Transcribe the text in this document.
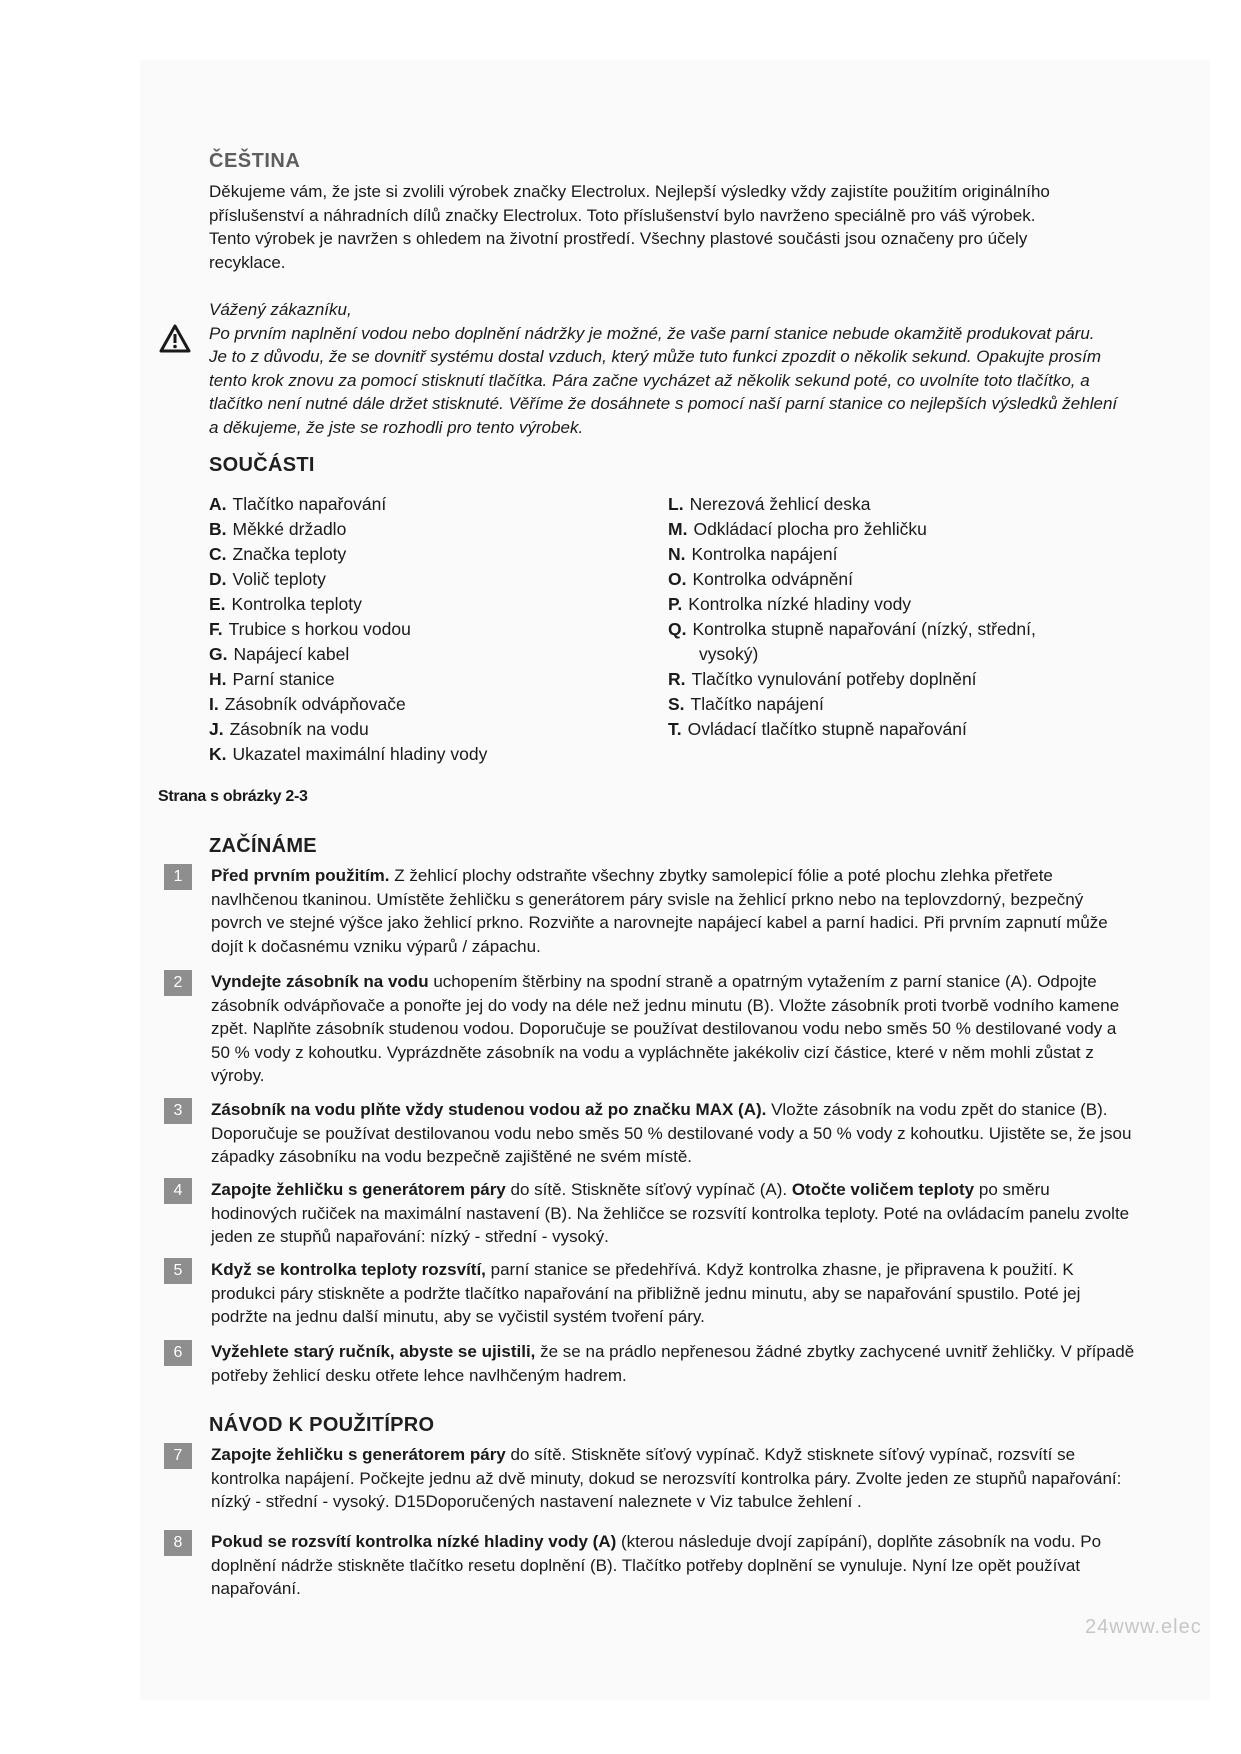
ČEŠTINA

Děkujeme vám, že jste si zvolili výrobek značky Electrolux. Nejlepší výsledky vždy zajistíte použitím originálního

příslušenství a náhradních dílů značky Electrolux. Toto příslušenství bylo navrženo speciálně pro váš výrobek.

Tento výrobek je navržen s ohledem na životní prostředí. Všechny plastové součásti jsou označeny pro účely

recyklace.

Vážený zákazníku,

Po prvním naplnění vodou nebo doplnění nádržky je možné, že vaše parní stanice nebude okamžitě produkovat páru.

Je to z důvodu, že se dovnitř systému dostal vzduch, který může tuto funkci zpozdit o několik sekund. Opakujte prosím

tento krok znovu za pomocí stisknutí tlačítka. Pára začne vycházet až několik sekund poté, co uvolníte toto tlačítko, a

tlačítko není nutné dále držet stisknuté. Věříme že dosáhnete s pomocí naší parní stanice co nejlepších výsledků žehlení

a děkujeme, že jste se rozhodli pro tento výrobek.

SOUČÁSTI
A. Tlačítko napařování
B. Měkké držadlo
C. Značka teploty
D. Volič teploty
E. Kontrolka teploty
F. Trubice s horkou vodou
G. Napájecí kabel
H. Parní stanice
I. Zásobník odvápňovače
J. Zásobník na vodu
K. Ukazatel maximální hladiny vody
L. Nerezová žehlicí deska
M. Odkládací plocha pro žehličku
N. Kontrolka napájení
O. Kontrolka odvápnění
P. Kontrolka nízké hladiny vody
Q. Kontrolka stupně napařování (nízký, střední,
vysoký)
R. Tlačítko vynulování potřeby doplnění
S. Tlačítko napájení
T. Ovládací tlačítko stupně napařování
Strana s obrázky 2-3
ZAČÍNÁME
1	Před prvním použitím. Z žehlicí plochy odstraňte všechny zbytky samolepicí fólie a poté plochu zlehka přetřete navlhčenou tkaninou. Umístěte žehličku s generátorem páry svisle na žehlicí prkno nebo na teplovzdorný, bezpečný povrch ve stejné výšce jako žehlicí prkno. Rozviňte a narovnejte napájecí kabel a parní hadici. Při prvním zapnutí může dojít k dočasnému vzniku výparů / zápachu.

2	Vyndejte zásobník na vodu uchopením štěrbiny na spodní straně a opatrným vytažením z parní stanice (A). Odpojte zásobník odvápňovače a ponořte jej do vody na déle než jednu minutu (B). Vložte zásobník proti tvorbě vodního kamene zpět. Naplňte zásobník studenou vodou. Doporučuje se používat destilovanou vodu nebo směs 50 % destilované vody a 50 % vody z kohoutku. Vyprázdněte zásobník na vodu a vypláchněte jakékoliv cizí částice, které v něm mohli zůstat z výroby.

3	Zásobník na vodu plňte vždy studenou vodou až po značku MAX (A). Vložte zásobník na vodu zpět do stanice (B). Doporučuje se používat destilovanou vodu nebo směs 50 % destilované vody a 50 % vody z kohoutku. Ujistěte se, že jsou západky zásobníku na vodu bezpečně zajištěné ne svém místě.

4	Zapojte žehličku s generátorem páry do sítě. Stiskněte síťový vypínač (A). Otočte voličem teploty po směru hodinových ručiček na maximální nastavení (B). Na žehličce se rozsvítí kontrolka teploty. Poté na ovládacím panelu zvolte jeden ze stupňů napařování: nízký - střední - vysoký.

5	Když se kontrolka teploty rozsvítí, parní stanice se předehřívá. Když kontrolka zhasne, je připravena k použití. K produkci páry stiskněte a podržte tlačítko napařování na přibližně jednu minutu, aby se napařování spustilo. Poté jej podržte na jednu další minutu, aby se vyčistil systém tvoření páry.

6	Vyžehlete starý ručník, abyste se ujistili, že se na prádlo nepřenesou žádné zbytky zachycené uvnitř žehličky. V případě potřeby žehlicí desku otřete lehce navlhčeným hadrem.

NÁVOD K POUŽITÍPRO
7	Zapojte žehličku s generátorem páry do sítě. Stiskněte síťový vypínač. Když stisknete síťový vypínač, rozsvítí se kontrolka napájení. Počkejte jednu až dvě minuty, dokud se nerozsvítí kontrolka páry. Zvolte jeden ze stupňů napařování: nízký - střední - vysoký. D15Doporučených nastavení naleznete v Viz tabulce žehlení .

8	Pokud se rozsvítí kontrolka nízké hladiny vody (A) (kterou následuje dvojí zapípání), doplňte zásobník na vodu. Po doplnění nádrže stiskněte tlačítko resetu doplnění (B). Tlačítko potřeby doplnění se vynuluje. Nyní lze opět používat napařování.

24www.elec
